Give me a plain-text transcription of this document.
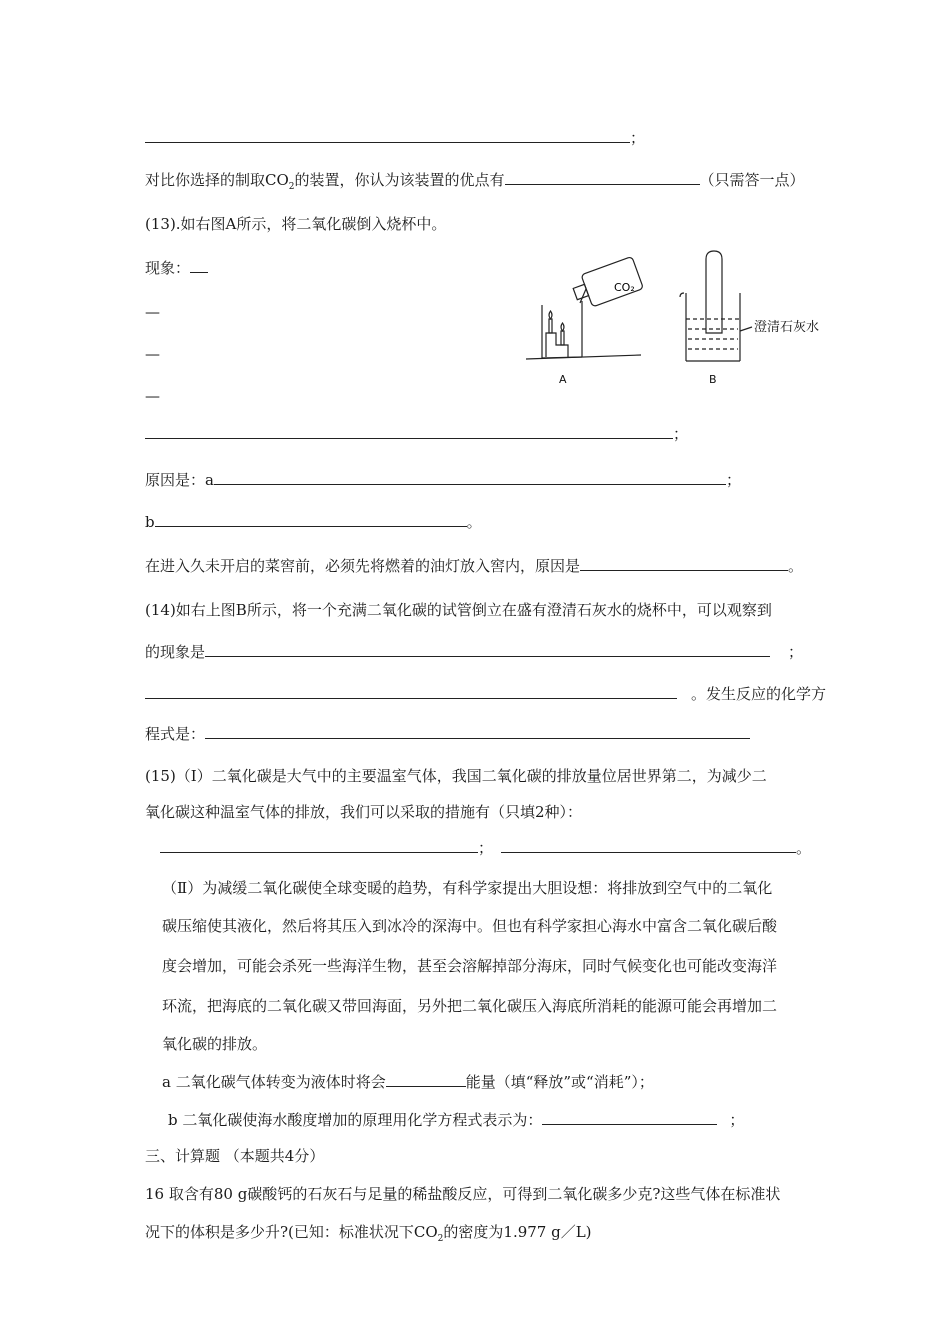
；
对比你选择的制取$CO_2$的装置，你认为该装置的优点有	（只需答一点）
(13).如右图A所示，将二氧化碳倒入烧杯中。
现象：
—
—
—
；
原因是：a	；
b	。
在进入久未开启的菜窖前，必须先将燃着的油灯放入窖内，原因是	。
(14)如右上图B所示，将一个充满二氧化碳的试管倒立在盛有澄清石灰水的烧杯中，可以观察到
的现象是	；
。发生反应的化学方
程式是：
(15)（Ⅰ）二氧化碳是大气中的主要温室气体，我国二氧化碳的排放量位居世界第二，为减少二
氧化碳这种温室气体的排放，我们可以采取的措施有（只填2种）：
；	。
（Ⅱ）为减缓二氧化碳使全球变暖的趋势，有科学家提出大胆设想：将排放到空气中的二氧化
碳压缩使其液化，然后将其压入到冰冷的深海中。但也有科学家担心海水中富含二氧化碳后酸
度会增加，可能会杀死一些海洋生物，甚至会溶解掉部分海床，同时气候变化也可能改变海洋
环流，把海底的二氧化碳又带回海面，另外把二氧化碳压入海底所消耗的能源可能会再增加二
氧化碳的排放。
a 二氧化碳气体转变为液体时将会	能量（填“释放”或“消耗”）；
b 二氧化碳使海水酸度增加的原理用化学方程式表示为：	；
三、计算题 （本题共4分）
16 取含有80 g碳酸钙的石灰石与足量的稀盐酸反应，可得到二氧化碳多少克?这些气体在标准状
况下的体积是多少升?(已知：标准状况下$CO_2$的密度为1.977 g／L)
CO₂
澄清石灰水
A	B
